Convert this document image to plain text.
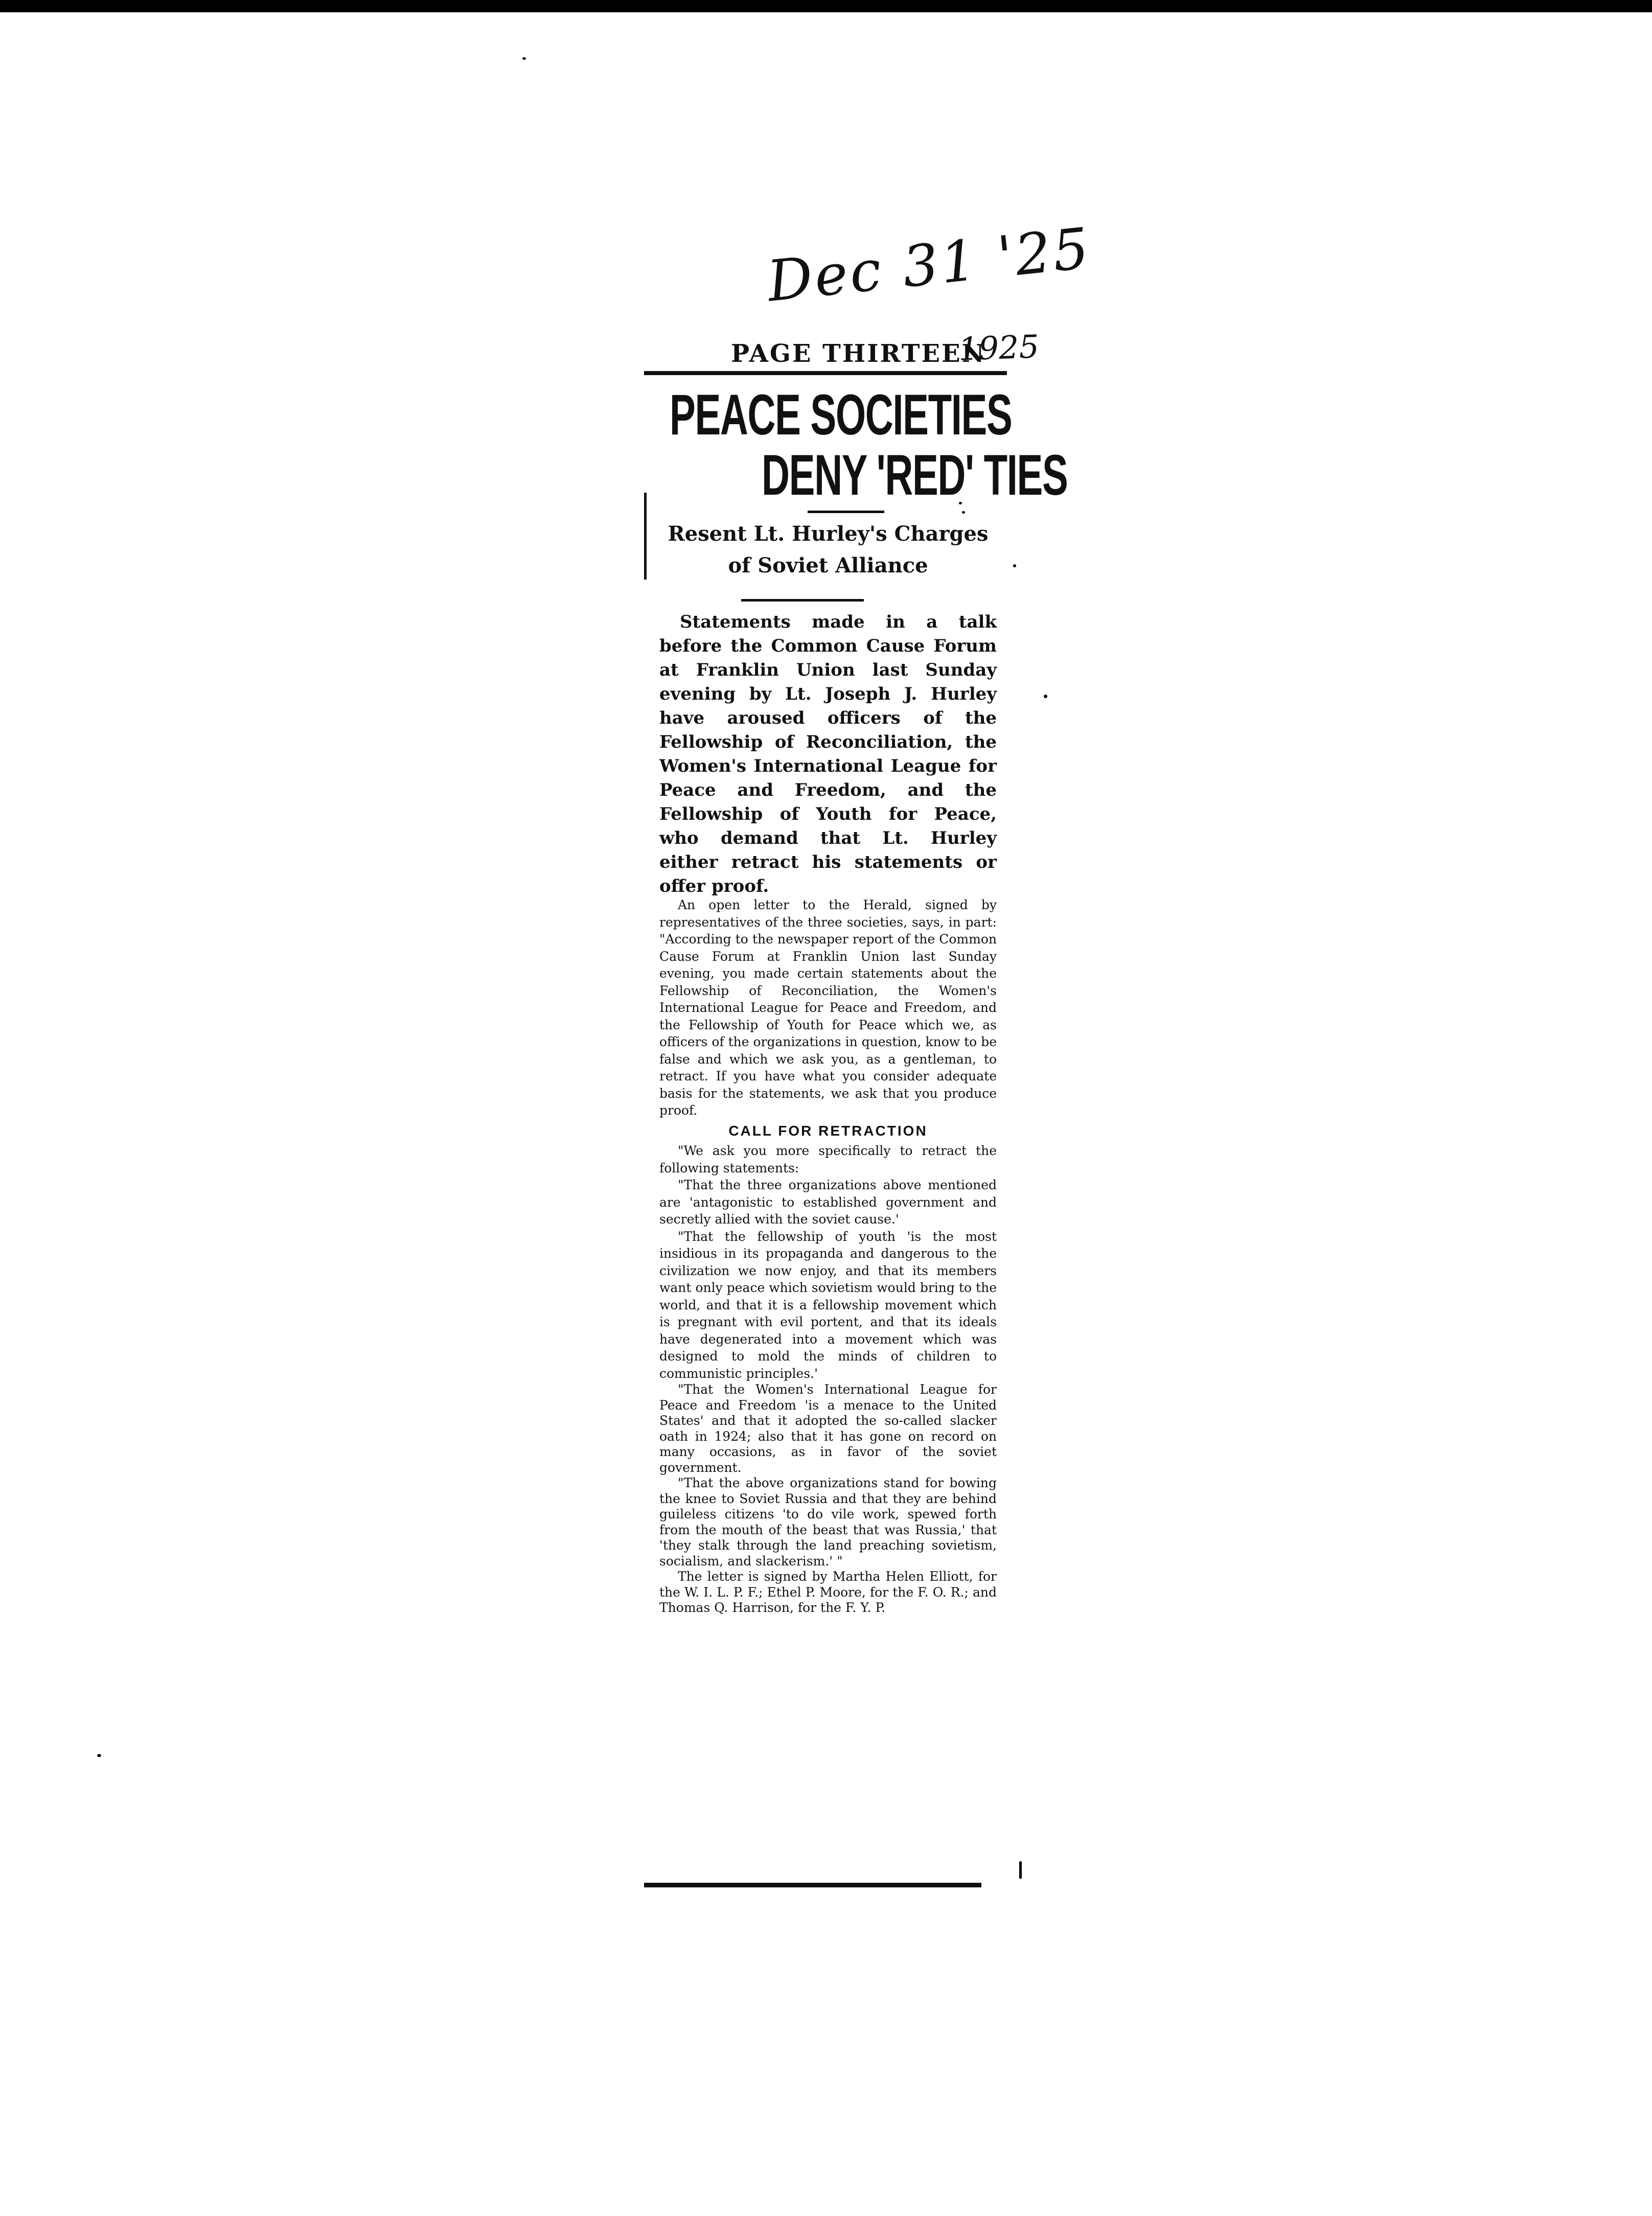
Dec 31 '25
1925
PAGE THIRTEEN
PEACE SOCIETIES
DENY 'RED' TIES
Resent Lt. Hurley's Charges
of Soviet Alliance
Statements made in a talk before the Common Cause Forum at Franklin Union last Sunday evening by Lt. Joseph J. Hurley have aroused officers of the Fellowship of Reconciliation, the Women's International League for Peace and Freedom, and the Fellowship of Youth for Peace, who demand that Lt. Hurley either retract his statements or offer proof.

An open letter to the Herald, signed by representatives of the three societies, says, in part: "According to the newspaper report of the Common Cause Forum at Franklin Union last Sunday evening, you made certain statements about the Fellowship of Reconciliation, the Women's International League for Peace and Freedom, and the Fellowship of Youth for Peace which we, as officers of the organizations in question, know to be false and which we ask you, as a gentleman, to retract. If you have what you consider adequate basis for the statements, we ask that you produce proof.

CALL FOR RETRACTION

"We ask you more specifically to retract the following statements:

"That the three organizations above mentioned are 'antagonistic to established government and secretly allied with the soviet cause.'

"That the fellowship of youth 'is the most insidious in its propaganda and dangerous to the civilization we now enjoy, and that its members want only peace which sovietism would bring to the world, and that it is a fellowship movement which is pregnant with evil portent, and that its ideals have degenerated into a movement which was designed to mold the minds of children to communistic principles.'

"That the Women's International League for Peace and Freedom 'is a menace to the United States' and that it adopted the so-called slacker oath in 1924; also that it has gone on record on many occasions, as in favor of the soviet government.

"That the above organizations stand for bowing the knee to Soviet Russia and that they are behind guileless citizens 'to do vile work, spewed forth from the mouth of the beast that was Russia,' that 'they stalk through the land preaching sovietism, socialism, and slackerism.' "

The letter is signed by Martha Helen Elliott, for the W. I. L. P. F.; Ethel P. Moore, for the F. O. R.; and Thomas Q. Harrison, for the F. Y. P.
